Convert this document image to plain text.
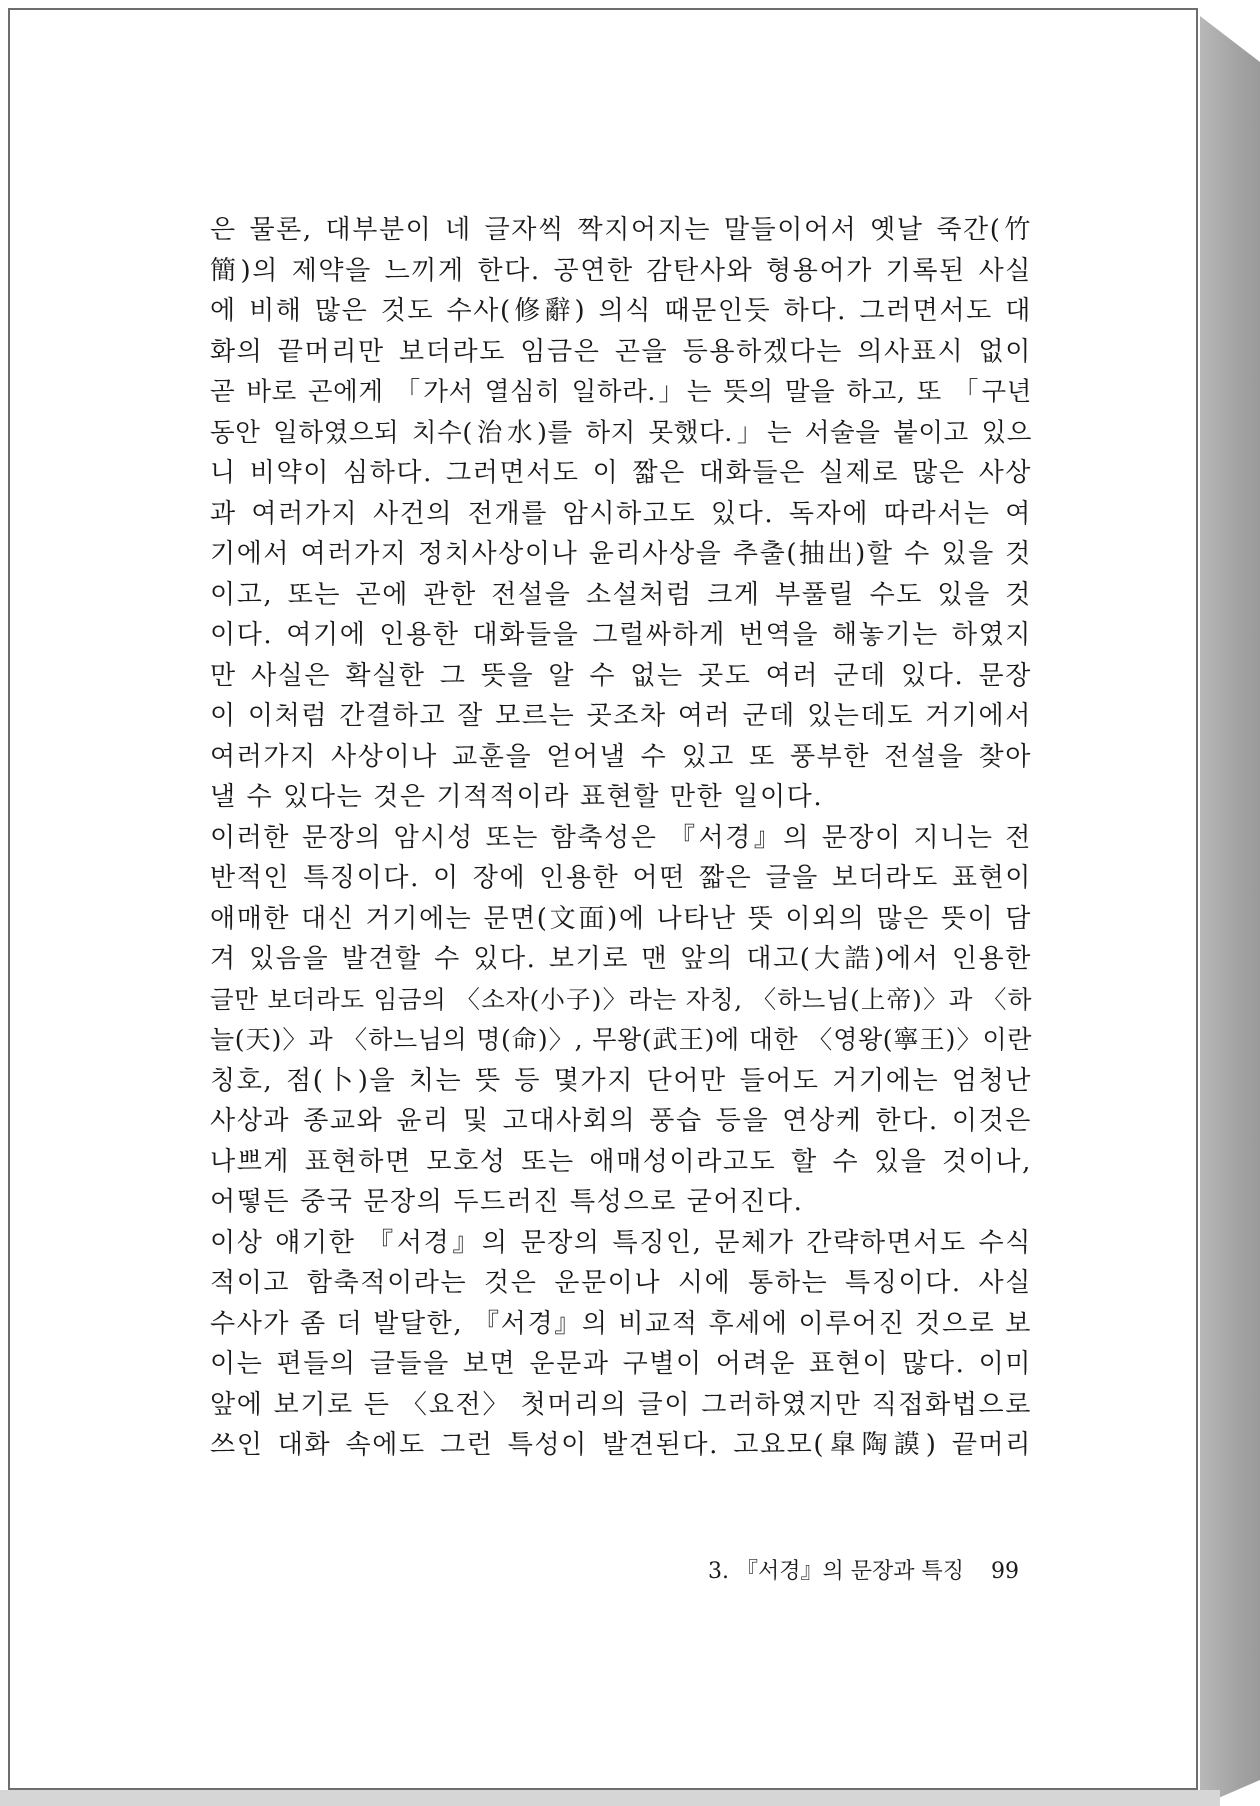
은 물론, 대부분이 네 글자씩 짝지어지는 말들이어서 옛날 죽간(竹
簡)의 제약을 느끼게 한다. 공연한 감탄사와 형용어가 기록된 사실
에 비해 많은 것도 수사(修辭) 의식 때문인듯 하다. 그러면서도 대
화의 끝머리만 보더라도 임금은 곤을 등용하겠다는 의사표시 없이
곧 바로 곤에게 「가서 열심히 일하라.」는 뜻의 말을 하고, 또 「구년
동안 일하였으되 치수(治水)를 하지 못했다.」는 서술을 붙이고 있으
니 비약이 심하다. 그러면서도 이 짧은 대화들은 실제로 많은 사상
과 여러가지 사건의 전개를 암시하고도 있다. 독자에 따라서는 여
기에서 여러가지 정치사상이나 윤리사상을 추출(抽出)할 수 있을 것
이고, 또는 곤에 관한 전설을 소설처럼 크게 부풀릴 수도 있을 것
이다. 여기에 인용한 대화들을 그럴싸하게 번역을 해놓기는 하였지
만 사실은 확실한 그 뜻을 알 수 없는 곳도 여러 군데 있다. 문장
이 이처럼 간결하고 잘 모르는 곳조차 여러 군데 있는데도 거기에서
여러가지 사상이나 교훈을 얻어낼 수 있고 또 풍부한 전설을 찾아
낼 수 있다는 것은 기적적이라 표현할 만한 일이다.
이러한 문장의 암시성 또는 함축성은 『서경』의 문장이 지니는 전
반적인 특징이다. 이 장에 인용한 어떤 짧은 글을 보더라도 표현이
애매한 대신 거기에는 문면(文面)에 나타난 뜻 이외의 많은 뜻이 담
겨 있음을 발견할 수 있다. 보기로 맨 앞의 대고(大誥)에서 인용한
글만 보더라도 임금의 〈소자(小子)〉라는 자칭, 〈하느님(上帝)〉과 〈하
늘(天)〉과 〈하느님의 명(命)〉, 무왕(武王)에 대한 〈영왕(寧王)〉이란
칭호, 점(卜)을 치는 뜻 등 몇가지 단어만 들어도 거기에는 엄청난
사상과 종교와 윤리 및 고대사회의 풍습 등을 연상케 한다. 이것은
나쁘게 표현하면 모호성 또는 애매성이라고도 할 수 있을 것이나,
어떻든 중국 문장의 두드러진 특성으로 굳어진다.
이상 얘기한 『서경』의 문장의 특징인, 문체가 간략하면서도 수식
적이고 함축적이라는 것은 운문이나 시에 통하는 특징이다. 사실
수사가 좀 더 발달한, 『서경』의 비교적 후세에 이루어진 것으로 보
이는 편들의 글들을 보면 운문과 구별이 어려운 표현이 많다. 이미
앞에 보기로 든 〈요전〉 첫머리의 글이 그러하였지만 직접화법으로
쓰인 대화 속에도 그런 특성이 발견된다. 고요모(皐陶謨) 끝머리
3. 『서경』의 문장과 특징 99
